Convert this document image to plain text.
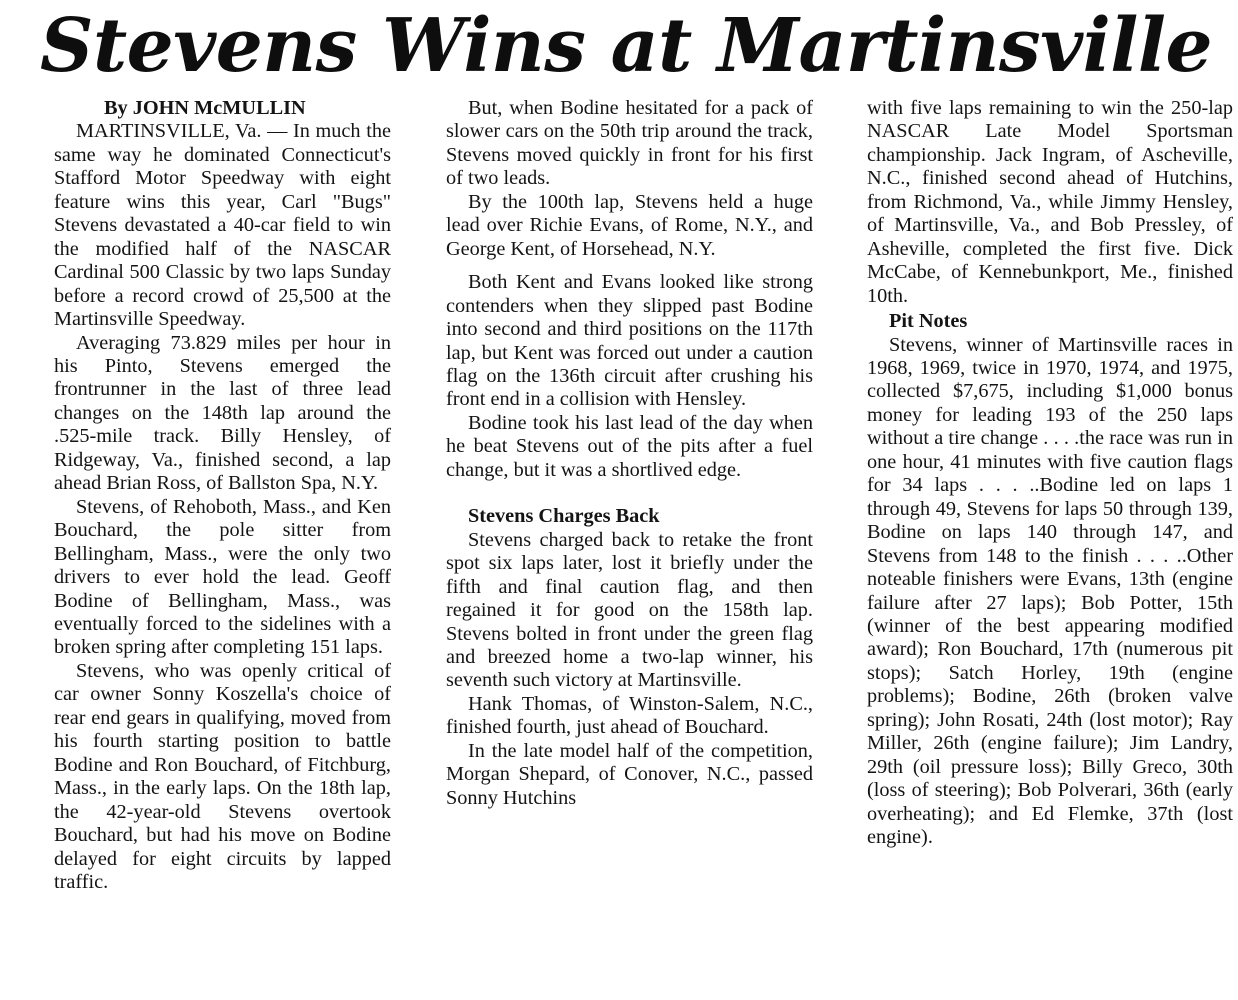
Stevens Wins at Martinsville

By JOHN McMULLIN

MARTINSVILLE, Va. — In much the same way he dominated Connecticut's Stafford Motor Speedway with eight feature wins this year, Carl "Bugs" Stevens devastated a 40-car field to win the modified half of the NASCAR Cardinal 500 Classic by two laps Sunday before a record crowd of 25,500 at the Martinsville Speedway.

Averaging 73.829 miles per hour in his Pinto, Stevens emerged the frontrunner in the last of three lead changes on the 148th lap around the .525-mile track. Billy Hensley, of Ridgeway, Va., finished second, a lap ahead Brian Ross, of Ballston Spa, N.Y.

Stevens, of Rehoboth, Mass., and Ken Bouchard, the pole sitter from Bellingham, Mass., were the only two drivers to ever hold the lead. Geoff Bodine of Bellingham, Mass., was eventually forced to the sidelines with a broken spring after completing 151 laps.

Stevens, who was openly critical of car owner Sonny Koszella's choice of rear end gears in qualifying, moved from his fourth starting position to battle Bodine and Ron Bouchard, of Fitchburg, Mass., in the early laps. On the 18th lap, the 42-year-old Stevens overtook Bouchard, but had his move on Bodine delayed for eight circuits by lapped traffic.

But, when Bodine hesitated for a pack of slower cars on the 50th trip around the track, Stevens moved quickly in front for his first of two leads.

By the 100th lap, Stevens held a huge lead over Richie Evans, of Rome, N.Y., and George Kent, of Horsehead, N.Y.

Both Kent and Evans looked like strong contenders when they slipped past Bodine into second and third positions on the 117th lap, but Kent was forced out under a caution flag on the 136th circuit after crushing his front end in a collision with Hensley.

Bodine took his last lead of the day when he beat Stevens out of the pits after a fuel change, but it was a shortlived edge.

Stevens Charges Back

Stevens charged back to retake the front spot six laps later, lost it briefly under the fifth and final caution flag, and then regained it for good on the 158th lap. Stevens bolted in front under the green flag and breezed home a two-lap winner, his seventh such victory at Martinsville.

Hank Thomas, of Winston-Salem, N.C., finished fourth, just ahead of Bouchard.

In the late model half of the competition, Morgan Shepard, of Conover, N.C., passed Sonny Hutchins

with five laps remaining to win the 250-lap NASCAR Late Model Sportsman championship. Jack Ingram, of Ascheville, N.C., finished second ahead of Hutchins, from Richmond, Va., while Jimmy Hensley, of Martinsville, Va., and Bob Pressley, of Asheville, completed the first five. Dick McCabe, of Kennebunkport, Me., finished 10th.

Pit Notes

Stevens, winner of Martinsville races in 1968, 1969, twice in 1970, 1974, and 1975, collected $7,675, including $1,000 bonus money for leading 193 of the 250 laps without a tire change . . . .the race was run in one hour, 41 minutes with five caution flags for 34 laps . . . ..Bodine led on laps 1 through 49, Stevens for laps 50 through 139, Bodine on laps 140 through 147, and Stevens from 148 to the finish . . . ..Other noteable finishers were Evans, 13th (engine failure after 27 laps); Bob Potter, 15th (winner of the best appearing modified award); Ron Bouchard, 17th (numerous pit stops); Satch Horley, 19th (engine problems); Bodine, 26th (broken valve spring); John Rosati, 24th (lost motor); Ray Miller, 26th (engine failure); Jim Landry, 29th (oil pressure loss); Billy Greco, 30th (loss of steering); Bob Polverari, 36th (early overheating); and Ed Flemke, 37th (lost engine).
